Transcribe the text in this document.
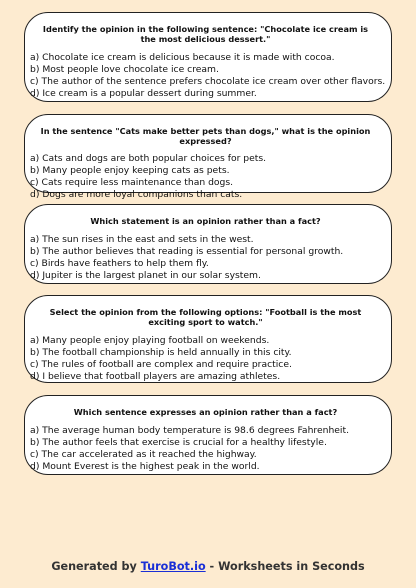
Identify the opinion in the following sentence: "Chocolate ice cream is the most delicious dessert."
a) Chocolate ice cream is delicious because it is made with cocoa.
b) Most people love chocolate ice cream.
c) The author of the sentence prefers chocolate ice cream over other flavors.
d) Ice cream is a popular dessert during summer.
In the sentence "Cats make better pets than dogs," what is the opinion expressed?
a) Cats and dogs are both popular choices for pets.
b) Many people enjoy keeping cats as pets.
c) Cats require less maintenance than dogs.
d) Dogs are more loyal companions than cats.
Which statement is an opinion rather than a fact?
a) The sun rises in the east and sets in the west.
b) The author believes that reading is essential for personal growth.
c) Birds have feathers to help them fly.
d) Jupiter is the largest planet in our solar system.
Select the opinion from the following options: "Football is the most exciting sport to watch."
a) Many people enjoy playing football on weekends.
b) The football championship is held annually in this city.
c) The rules of football are complex and require practice.
d) I believe that football players are amazing athletes.
Which sentence expresses an opinion rather than a fact?
a) The average human body temperature is 98.6 degrees Fahrenheit.
b) The author feels that exercise is crucial for a healthy lifestyle.
c) The car accelerated as it reached the highway.
d) Mount Everest is the highest peak in the world.
Generated by TuroBot.io - Worksheets in Seconds
